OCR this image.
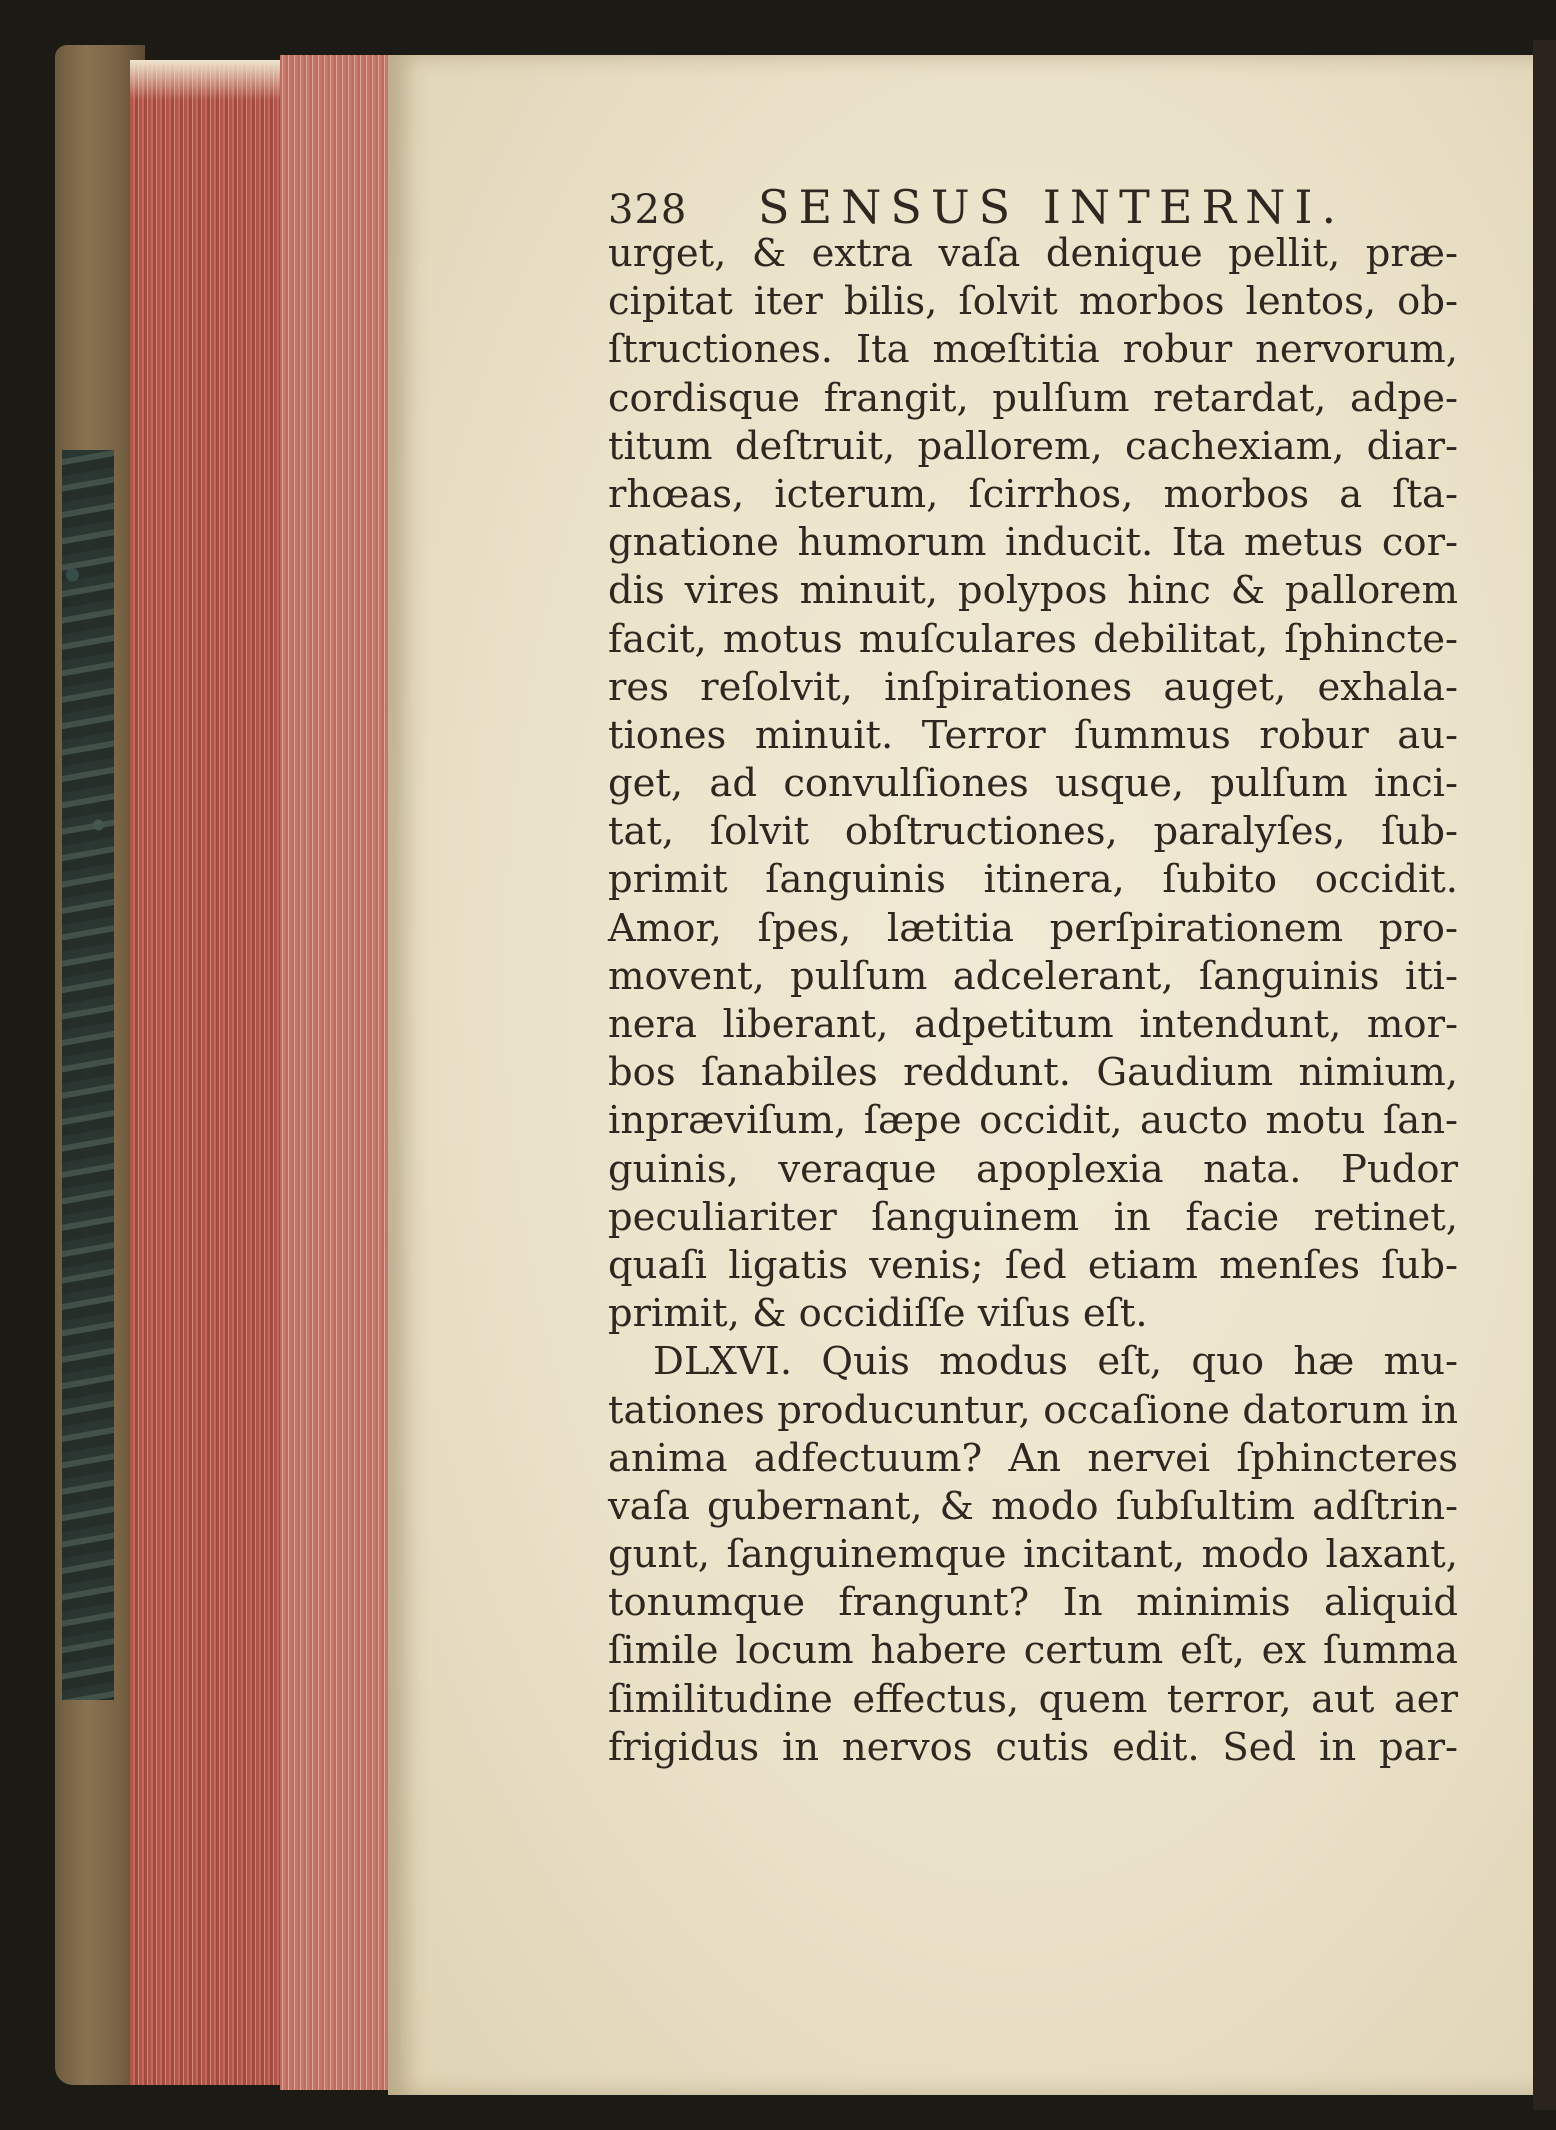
328	SENSUS INTERNI.
urget, & extra vaſa denique pellit, præ-
cipitat iter bilis, ſolvit morbos lentos, ob-
ſtructiones. Ita mœſtitia robur nervorum,
cordisque frangit, pulſum retardat, adpe-
titum deſtruit, pallorem, cachexiam, diar-
rhœas, icterum, ſcirrhos, morbos a ſta-
gnatione humorum inducit. Ita metus cor-
dis vires minuit, polypos hinc & pallorem
facit, motus muſculares debilitat, ſphincte-
res reſolvit, inſpirationes auget, exhala-
tiones minuit. Terror ſummus robur au-
get, ad convulſiones usque, pulſum inci-
tat, ſolvit obſtructiones, paralyſes, ſub-
primit ſanguinis itinera, ſubito occidit.
Amor, ſpes, lætitia perſpirationem pro-
movent, pulſum adcelerant, ſanguinis iti-
nera liberant, adpetitum intendunt, mor-
bos ſanabiles reddunt. Gaudium nimium,
inpræviſum, ſæpe occidit, aucto motu ſan-
guinis, veraque apoplexia nata. Pudor
peculiariter ſanguinem in facie retinet,
quaſi ligatis venis; ſed etiam menſes ſub-
primit, & occidiſſe viſus eſt.
DLXVI. Quis modus eſt, quo hæ mu-
tationes producuntur, occaſione datorum in
anima adfectuum? An nervei ſphincteres
vaſa gubernant, & modo ſubſultim adſtrin-
gunt, ſanguinemque incitant, modo laxant,
tonumque frangunt? In minimis aliquid
ſimile locum habere certum eſt, ex ſumma
ſimilitudine effectus, quem terror, aut aer
frigidus in nervos cutis edit. Sed in par-
